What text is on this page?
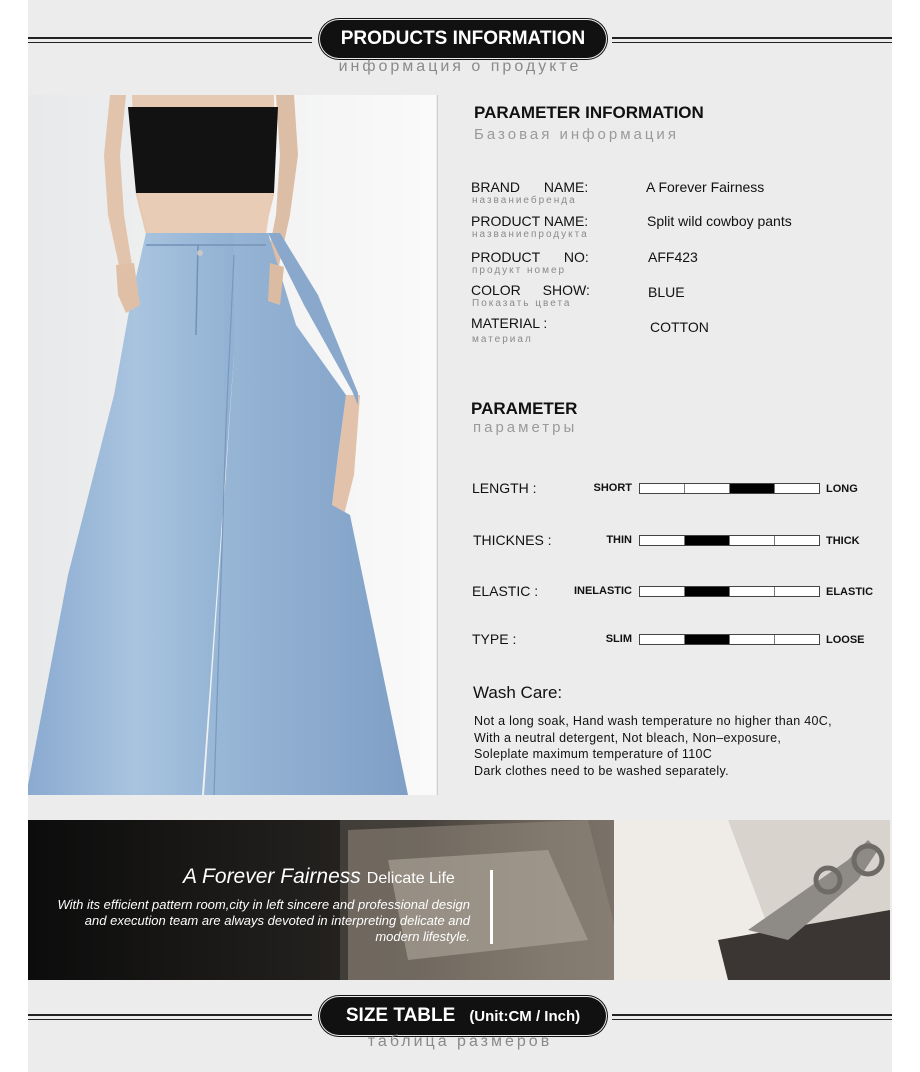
PRODUCTS INFORMATION
информация о продукте
PARAMETER INFORMATION
Базовая информация
BRAND NAME:
названиебренда
A Forever Fairness
PRODUCT NAME:
названиепродукта
Split wild cowboy pants
PRODUCT NO:
продукт номер
AFF423
COLOR SHOW:
Показать цвета
BLUE
MATERIAL :
материал
COTTON
PARAMETER
параметры
LENGTH :	SHORT	LONG
THICKNES :	THIN	THICK
ELASTIC :	INELASTIC	ELASTIC
TYPE :	SLIM	LOOSE
Wash Care:
Not a long soak, Hand wash temperature no higher than 40C,
With a neutral detergent, Not bleach, Non–exposure,
Soleplate maximum temperature of 110C
Dark clothes need to be washed separately.
A Forever Fairness Delicate Life
With its efficient pattern room,city in left sincere and professional design
and execution team are always devoted in interpreting delicate and
modern lifestyle.
SIZE TABLE (Unit:CM / Inch)
таблица размеров
